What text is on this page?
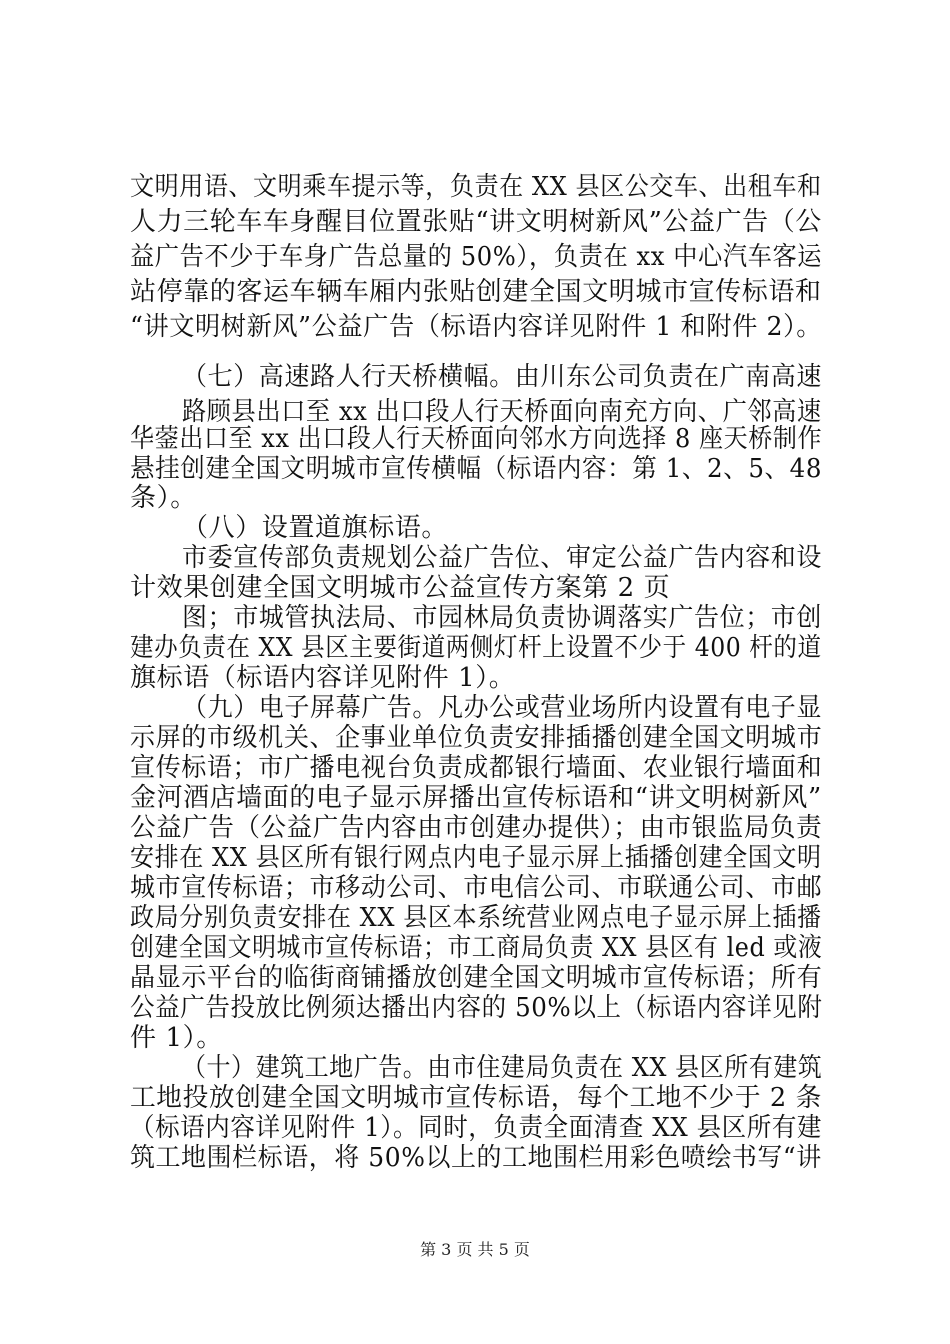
文明用语、文明乘车提示等，负责在 XX 县区公交车、出租车和
人力三轮车车身醒目位置张贴“讲文明树新风”公益广告（公
益广告不少于车身广告总量的 50%），负责在 xx 中心汽车客运
站停靠的客运车辆车厢内张贴创建全国文明城市宣传标语和
“讲文明树新风”公益广告（标语内容详见附件 1 和附件 2）。
（七）高速路人行天桥横幅。由川东公司负责在广南高速
路顾县出口至 xx 出口段人行天桥面向南充方向、广邻高速
华蓥出口至 xx 出口段人行天桥面向邻水方向选择 8 座天桥制作
悬挂创建全国文明城市宣传横幅（标语内容：第 1、2、5、48
条）。
（八）设置道旗标语。
市委宣传部负责规划公益广告位、审定公益广告内容和设
计效果创建全国文明城市公益宣传方案第 2 页
图；市城管执法局、市园林局负责协调落实广告位；市创
建办负责在 XX 县区主要街道两侧灯杆上设置不少于 400 杆的道
旗标语（标语内容详见附件 1）。
（九）电子屏幕广告。凡办公或营业场所内设置有电子显
示屏的市级机关、企事业单位负责安排插播创建全国文明城市
宣传标语；市广播电视台负责成都银行墙面、农业银行墙面和
金河酒店墙面的电子显示屏播出宣传标语和“讲文明树新风”
公益广告（公益广告内容由市创建办提供）；由市银监局负责
安排在 XX 县区所有银行网点内电子显示屏上插播创建全国文明
城市宣传标语；市移动公司、市电信公司、市联通公司、市邮
政局分别负责安排在 XX 县区本系统营业网点电子显示屏上插播
创建全国文明城市宣传标语；市工商局负责 XX 县区有 led 或液
晶显示平台的临街商铺播放创建全国文明城市宣传标语；所有
公益广告投放比例须达播出内容的 50%以上（标语内容详见附
件 1）。
（十）建筑工地广告。由市住建局负责在 XX 县区所有建筑
工地投放创建全国文明城市宣传标语，每个工地不少于 2 条
（标语内容详见附件 1）。同时，负责全面清查 XX 县区所有建
筑工地围栏标语，将 50%以上的工地围栏用彩色喷绘书写“讲
第 3 页 共 5 页
